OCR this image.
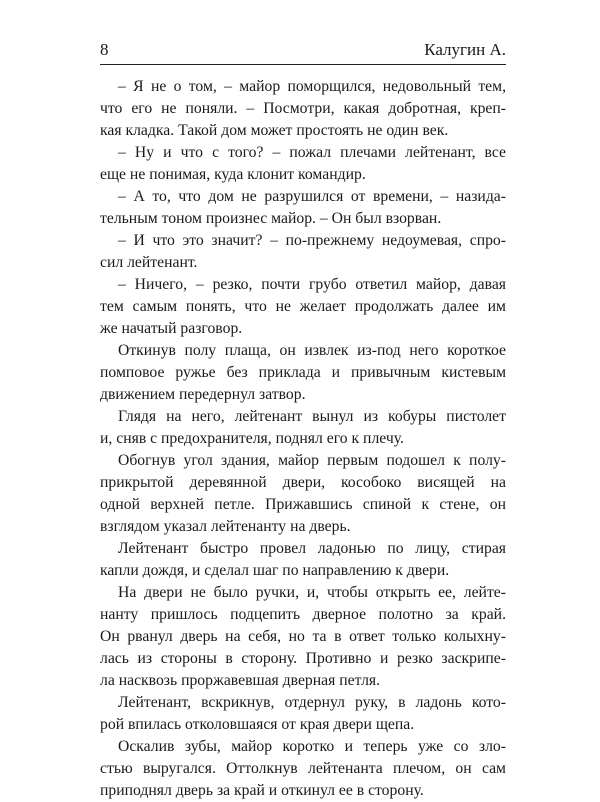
8	Калугин А.
– Я не о том, – майор поморщился, недовольный тем,
что его не поняли. – Посмотри, какая добротная, креп-
кая кладка. Такой дом может простоять не один век.
– Ну и что с того? – пожал плечами лейтенант, все
еще не понимая, куда клонит командир.
– А то, что дом не разрушился от времени, – назида-
тельным тоном произнес майор. – Он был взорван.
– И что это значит? – по-прежнему недоумевая, спро-
сил лейтенант.
– Ничего, – резко, почти грубо ответил майор, давая
тем самым понять, что не желает продолжать далее им
же начатый разговор.
Откинув полу плаща, он извлек из-под него короткое
помповое ружье без приклада и привычным кистевым
движением передернул затвор.
Глядя на него, лейтенант вынул из кобуры пистолет
и, сняв с предохранителя, поднял его к плечу.
Обогнув угол здания, майор первым подошел к полу-
прикрытой деревянной двери, кособоко висящей на
одной верхней петле. Прижавшись спиной к стене, он
взглядом указал лейтенанту на дверь.
Лейтенант быстро провел ладонью по лицу, стирая
капли дождя, и сделал шаг по направлению к двери.
На двери не было ручки, и, чтобы открыть ее, лейте-
нанту пришлось подцепить дверное полотно за край.
Он рванул дверь на себя, но та в ответ только колыхну-
лась из стороны в сторону. Противно и резко заскрипе-
ла насквозь проржавевшая дверная петля.
Лейтенант, вскрикнув, отдернул руку, в ладонь кото-
рой впилась отколовшаяся от края двери щепа.
Оскалив зубы, майор коротко и теперь уже со зло-
стью выругался. Оттолкнув лейтенанта плечом, он сам
приподнял дверь за край и откинул ее в сторону.
